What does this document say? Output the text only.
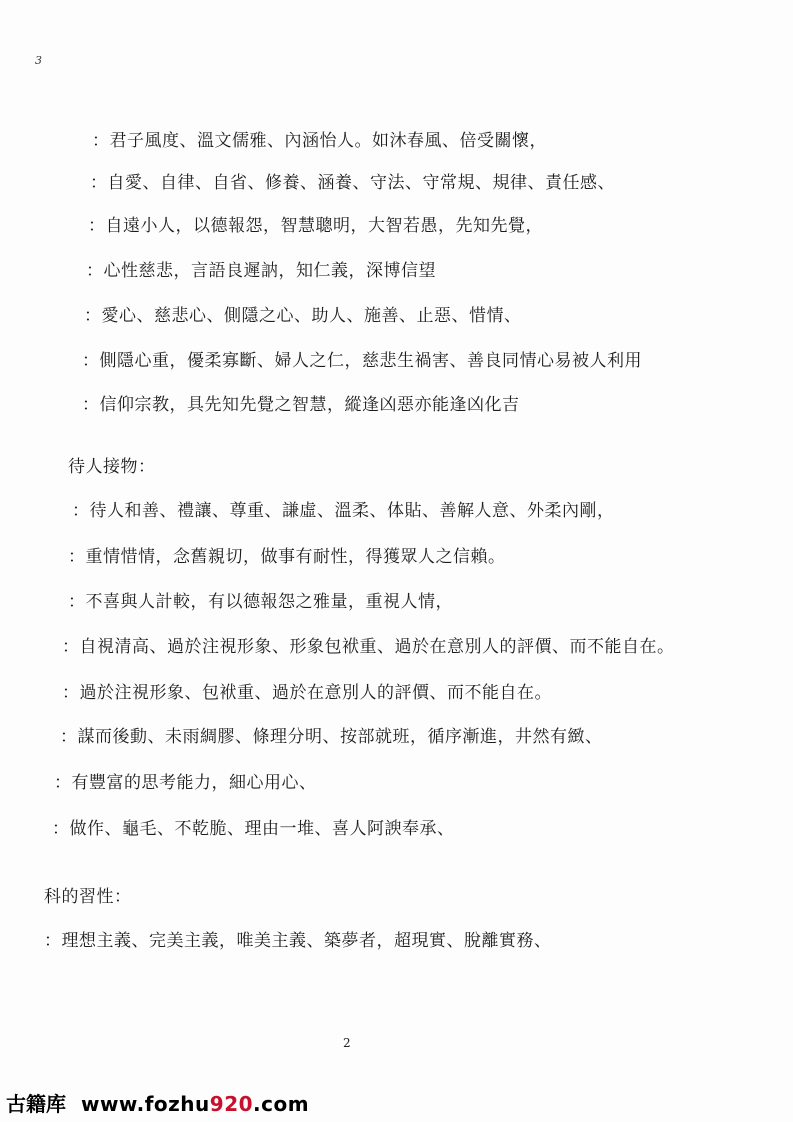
3
：君子風度、溫文儒雅、內涵怡人。如沐春風、倍受關懷，
：自愛、自律、自省、修養、涵養、守法、守常規、規律、責任感、
：自遠小人，以德報怨，智慧聰明，大智若愚，先知先覺，
：心性慈悲，言語良遲訥，知仁義，深博信望
：愛心、慈悲心、側隱之心、助人、施善、止惡、惜情、
：側隱心重，優柔寡斷、婦人之仁，慈悲生禍害、善良同情心易被人利用
：信仰宗教，具先知先覺之智慧，縱逢凶惡亦能逢凶化吉
待人接物：
：待人和善、禮讓、尊重、謙虛、溫柔、体貼、善解人意、外柔內剛，
：重情惜情，念舊親切，做事有耐性，得獲眾人之信賴。
：不喜與人計較，有以德報怨之雅量，重視人情，
：自視清高、過於注視形象、形象包袱重、過於在意別人的評價、而不能自在。
：過於注視形象、包袱重、過於在意別人的評價、而不能自在。
：謀而後動、未雨綢膠、條理分明、按部就班，循序漸進，井然有緻、
：有豐富的思考能力，細心用心、
：做作、龜毛、不乾脆、理由一堆、喜人阿諛奉承、
科的習性：
：理想主義、完美主義，唯美主義、築夢者，超現實、脫離實務、
2
古籍库 www.fozhu920.com
